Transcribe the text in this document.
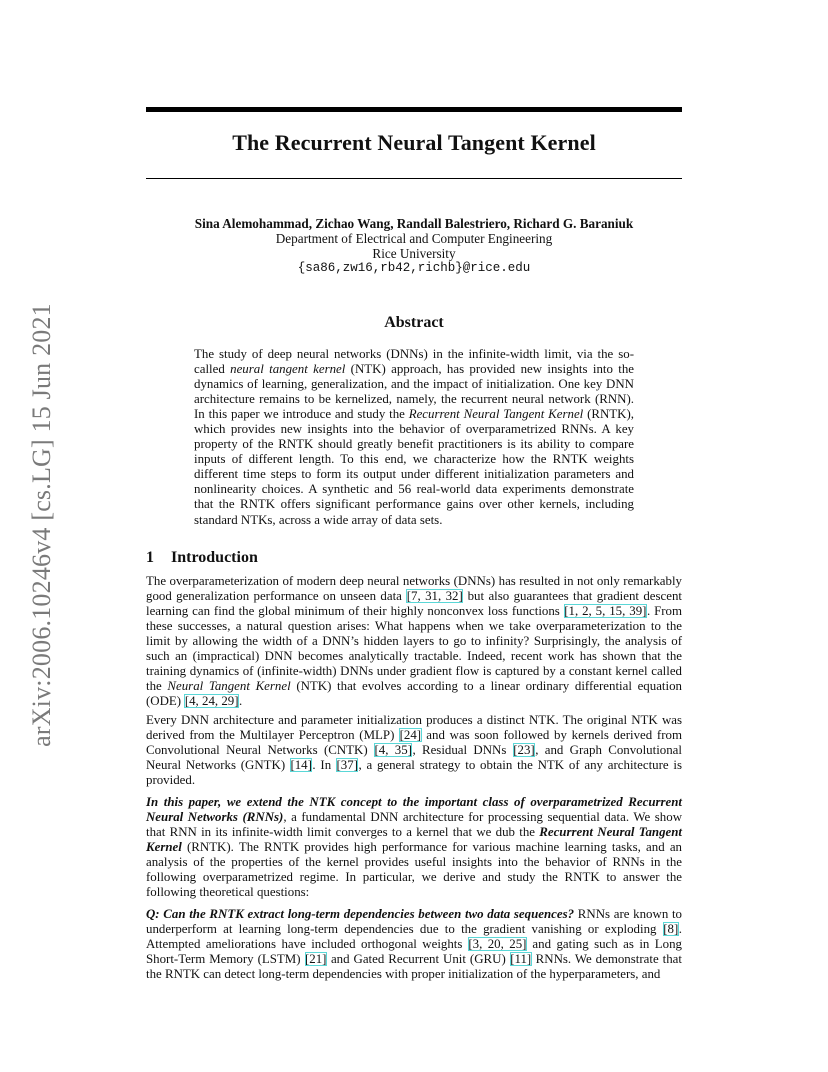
arXiv:2006.10246v4 [cs.LG] 15 Jun 2021
The Recurrent Neural Tangent Kernel
Sina Alemohammad, Zichao Wang, Randall Balestriero, Richard G. Baraniuk
Department of Electrical and Computer Engineering
Rice University
{sa86,zw16,rb42,richb}@rice.edu
Abstract
The study of deep neural networks (DNNs) in the infinite-width limit, via the so-called neural tangent kernel (NTK) approach, has provided new insights into the dynamics of learning, generalization, and the impact of initialization. One key DNN architecture remains to be kernelized, namely, the recurrent neural network (RNN). In this paper we introduce and study the Recurrent Neural Tangent Kernel (RNTK), which provides new insights into the behavior of overparametrized RNNs. A key property of the RNTK should greatly benefit practitioners is its ability to compare inputs of different length. To this end, we characterize how the RNTK weights different time steps to form its output under different initialization parameters and nonlinearity choices. A synthetic and 56 real-world data experiments demonstrate that the RNTK offers significant performance gains over other kernels, including standard NTKs, across a wide array of data sets.
1 Introduction

The overparameterization of modern deep neural networks (DNNs) has resulted in not only remarkably good generalization performance on unseen data [7, 31, 32] but also guarantees that gradient descent learning can find the global minimum of their highly nonconvex loss functions [1, 2, 5, 15, 39]. From these successes, a natural question arises: What happens when we take overparameterization to the limit by allowing the width of a DNN’s hidden layers to go to infinity? Surprisingly, the analysis of such an (impractical) DNN becomes analytically tractable. Indeed, recent work has shown that the training dynamics of (infinite-width) DNNs under gradient flow is captured by a constant kernel called the Neural Tangent Kernel (NTK) that evolves according to a linear ordinary differential equation (ODE) [4, 24, 29].

Every DNN architecture and parameter initialization produces a distinct NTK. The original NTK was derived from the Multilayer Perceptron (MLP) [24] and was soon followed by kernels derived from Convolutional Neural Networks (CNTK) [4, 35], Residual DNNs [23], and Graph Convolutional Neural Networks (GNTK) [14]. In [37], a general strategy to obtain the NTK of any architecture is provided.

In this paper, we extend the NTK concept to the important class of overparametrized Recurrent Neural Networks (RNNs), a fundamental DNN architecture for processing sequential data. We show that RNN in its infinite-width limit converges to a kernel that we dub the Recurrent Neural Tangent Kernel (RNTK). The RNTK provides high performance for various machine learning tasks, and an analysis of the properties of the kernel provides useful insights into the behavior of RNNs in the following overparametrized regime. In particular, we derive and study the RNTK to answer the following theoretical questions:

Q: Can the RNTK extract long-term dependencies between two data sequences? RNNs are known to underperform at learning long-term dependencies due to the gradient vanishing or exploding [8]. Attempted ameliorations have included orthogonal weights [3, 20, 25] and gating such as in Long Short-Term Memory (LSTM) [21] and Gated Recurrent Unit (GRU) [11] RNNs. We demonstrate that the RNTK can detect long-term dependencies with proper initialization of the hyperparameters, and
